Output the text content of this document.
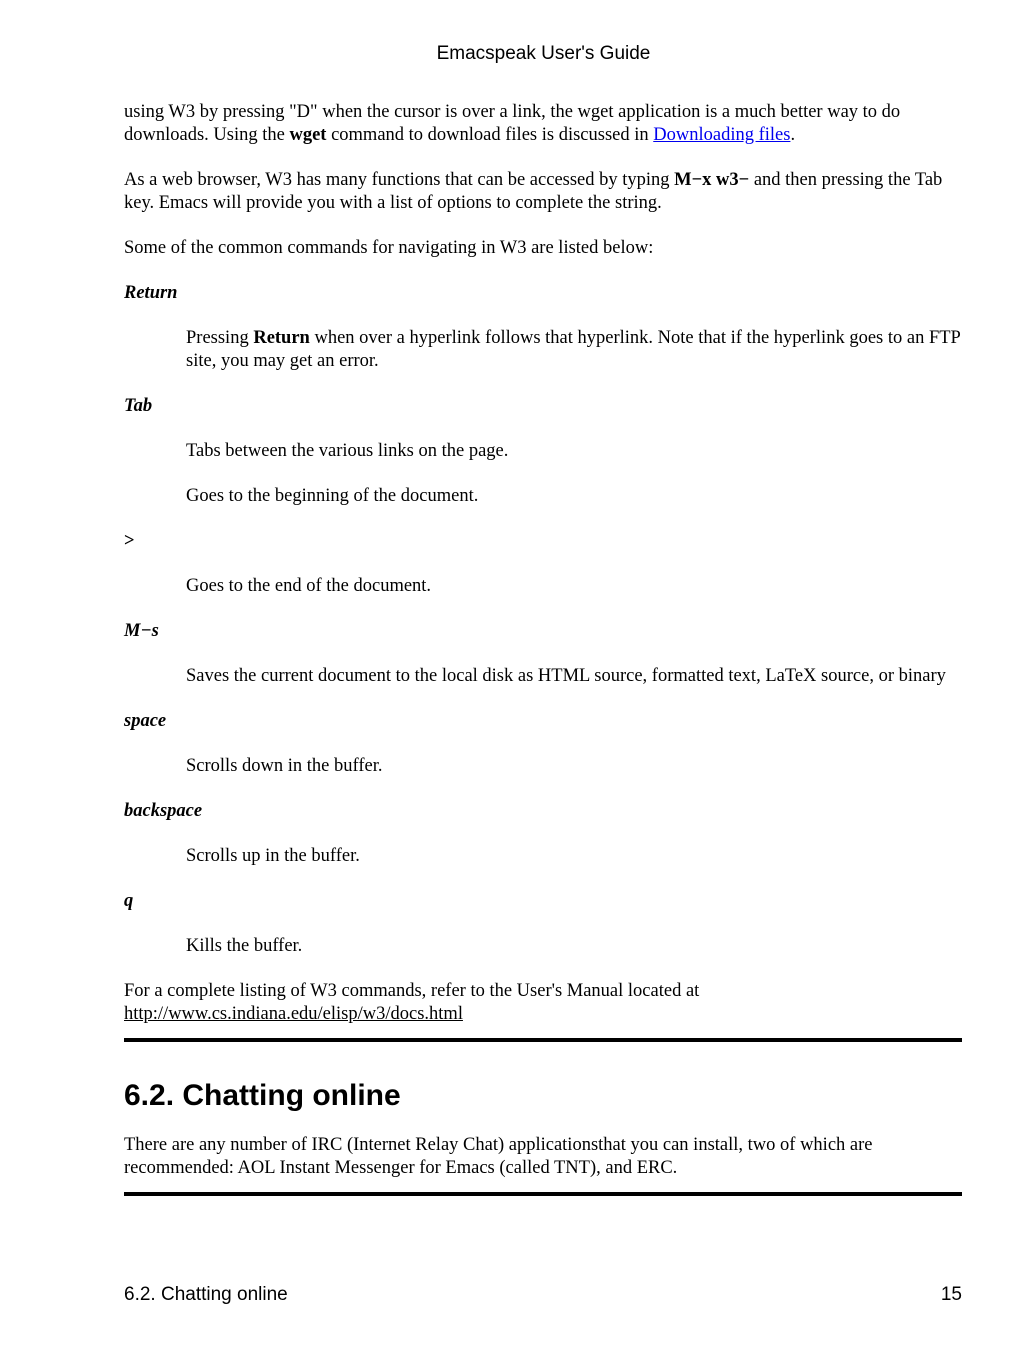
Emacspeak User's Guide

using W3 by pressing "D" when the cursor is over a link, the wget application is a much better way to do downloads. Using the wget command to download files is discussed in Downloading files.

As a web browser, W3 has many functions that can be accessed by typing M−x w3− and then pressing the Tab key. Emacs will provide you with a list of options to complete the string.

Some of the common commands for navigating in W3 are listed below:

Return
Pressing Return when over a hyperlink follows that hyperlink. Note that if the hyperlink goes to an FTP site, you may get an error.
Tab
Tabs between the various links on the page.
Goes to the beginning of the document.
>
Goes to the end of the document.
M−s
Saves the current document to the local disk as HTML source, formatted text, LaTeX source, or binary
space
Scrolls down in the buffer.
backspace
Scrolls up in the buffer.
q
Kills the buffer.

For a complete listing of W3 commands, refer to the User's Manual located at
http://www.cs.indiana.edu/elisp/w3/docs.html

6.2. Chatting online

There are any number of IRC (Internet Relay Chat) applicationsthat you can install, two of which are recommended: AOL Instant Messenger for Emacs (called TNT), and ERC.

6.2. Chatting online	15
